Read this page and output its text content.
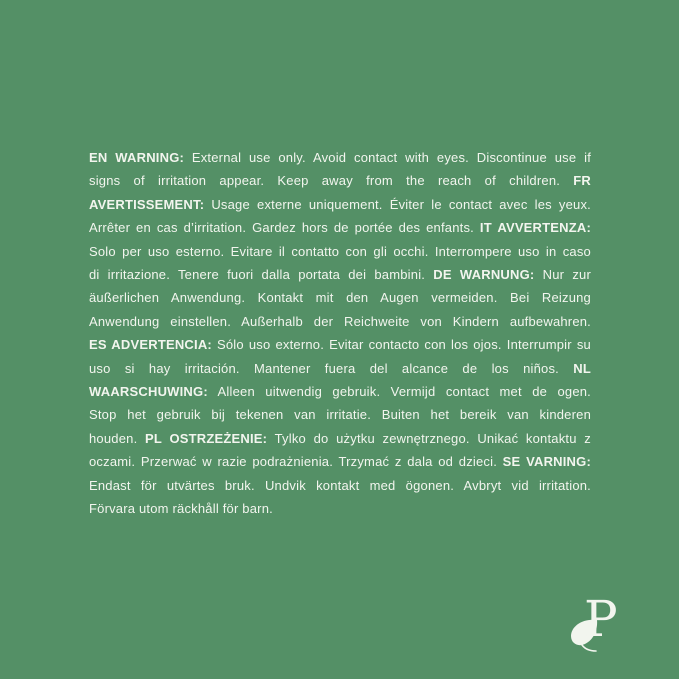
EN WARNING: External use only. Avoid contact with eyes. Discontinue use if
signs of irritation appear. Keep away from the reach of children. FR
AVERTISSEMENT: Usage externe uniquement. Éviter le contact avec les yeux.
Arrêter en cas d’irritation. Gardez hors de portée des enfants. IT AVVERTENZA:
Solo per uso esterno. Evitare il contatto con gli occhi. Interrompere uso in caso
di irritazione. Tenere fuori dalla portata dei bambini. DE WARNUNG: Nur zur
äußerlichen Anwendung. Kontakt mit den Augen vermeiden. Bei Reizung
Anwendung einstellen. Außerhalb der Reichweite von Kindern aufbewahren.
ES ADVERTENCIA: Sólo uso externo. Evitar contacto con los ojos. Interrumpir su
uso si hay irritación. Mantener fuera del alcance de los niños. NL
WAARSCHUWING: Alleen uitwendig gebruik. Vermijd contact met de ogen.
Stop het gebruik bij tekenen van irritatie. Buiten het bereik van kinderen
houden. PL OSTRZEŻENIE: Tylko do użytku zewnętrznego. Unikać kontaktu z
oczami. Przerwać w razie podrażnienia. Trzymać z dala od dzieci. SE VARNING:
Endast för utvärtes bruk. Undvik kontakt med ögonen. Avbryt vid irritation.
Förvara utom räckhåll för barn.
P
